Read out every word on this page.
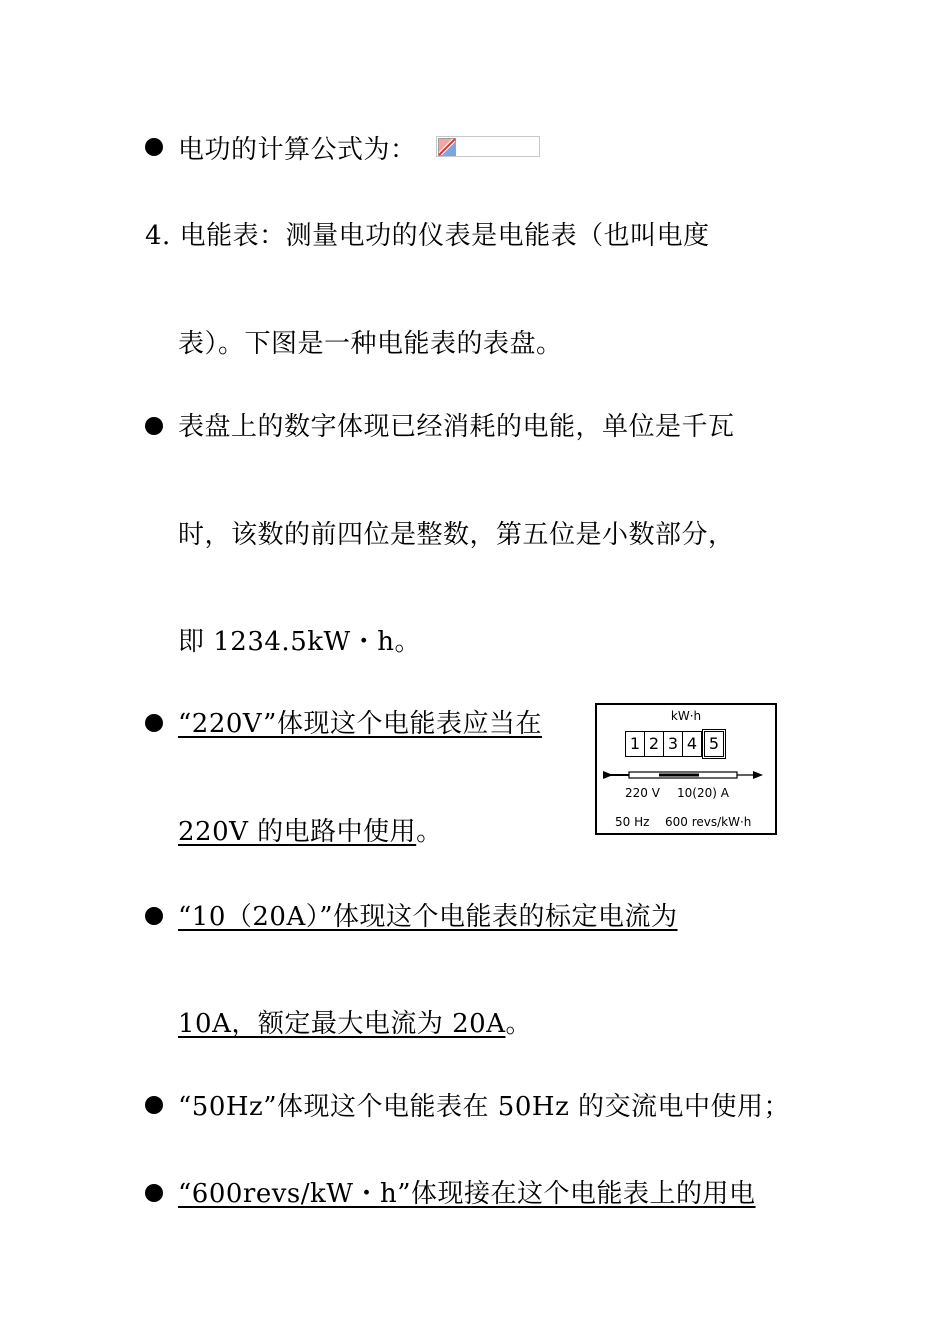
电功的计算公式为：
4. 电能表：测量电功的仪表是电能表（也叫电度
表）。下图是一种电能表的表盘。
表盘上的数字体现已经消耗的电能，单位是千瓦
时，该数的前四位是整数，第五位是小数部分，
即 1234.5kW・h。
“220V”体现这个电能表应当在
220V 的电路中使用。
kW·h
1 2 3 4 5
220 V 10(20) A
50 Hz 600 revs/kW·h
“10（20A）”体现这个电能表的标定电流为
10A，额定最大电流为 20A。
“50Hz”体现这个电能表在 50Hz 的交流电中使用；
“600revs/kW・h”体现接在这个电能表上的用电
